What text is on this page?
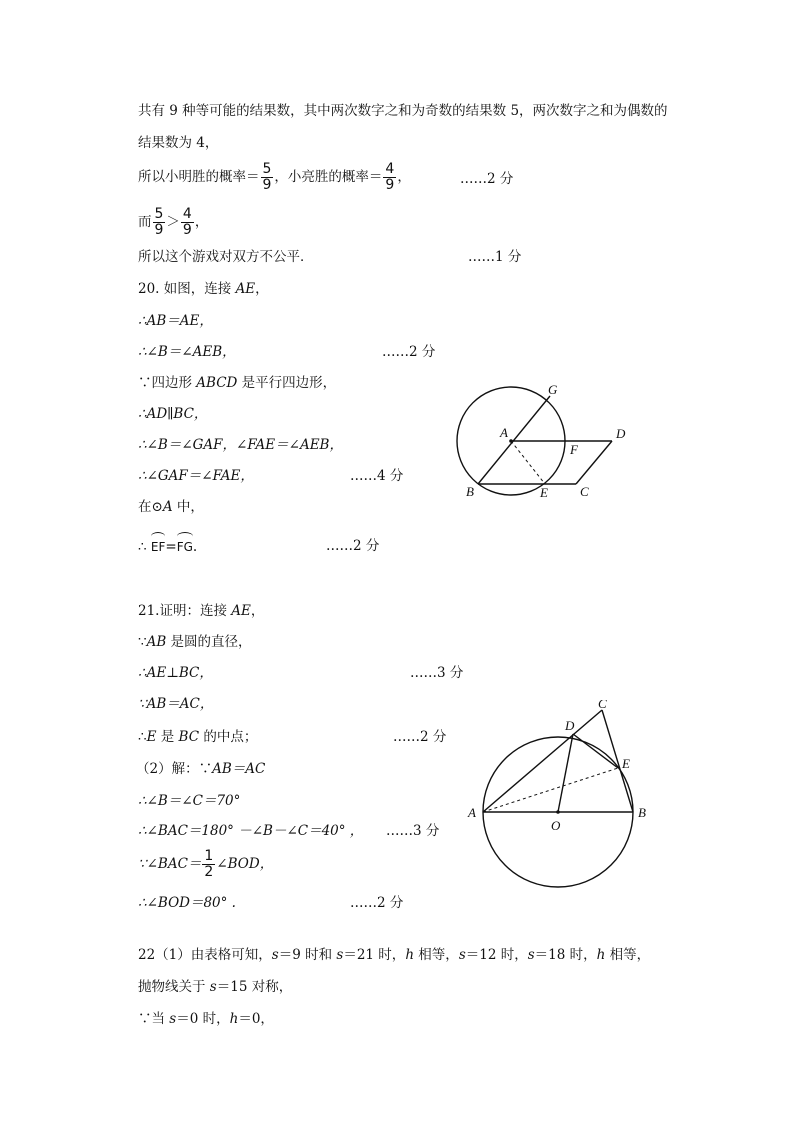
共有 9 种等可能的结果数，其中两次数字之和为奇数的结果数 5，两次数字之和为偶数的
结果数为 4，
所以小明胜的概率＝ $\frac{5}{9}$ ，小亮胜的概率＝ $\frac{4}{9}$ ，	……2 分
而 $\frac{5}{9} > \frac{4}{9}$ ，
所以这个游戏对双方不公平．	……1 分
20. 如图，连接 AE，
∴AB＝AE，
∴∠B＝∠AEB，	……2 分
∵四边形 ABCD 是平行四边形，
∴AD∥BC，
∴∠B＝∠GAF，∠FAE＝∠AEB，
∴∠GAF＝∠FAE，	……4 分
在⊙A 中，
∴ EF=FG.	……2 分
A
B	C
D
E
F
G
21.证明：连接 AE，
∵AB 是圆的直径，
∴AE⊥BC，	……3 分
∵AB＝AC，
∴E 是 BC 的中点；	……2 分
（2）解：∵AB＝AC
∴∠B＝∠C＝70°
∴∠BAC＝180° －∠B－∠C＝40° ， ……3 分
∵∠BAC＝ $\frac{1}{2}$ ∠BOD，
∴∠BOD＝80° .	……2 分
A	B
C
D
E
O
22（1）由表格可知，s＝9 时和 s＝21 时，h 相等，s＝12 时，s＝18 时，h 相等，
抛物线关于 s＝15 对称，
∵当 s＝0 时，h＝0，
